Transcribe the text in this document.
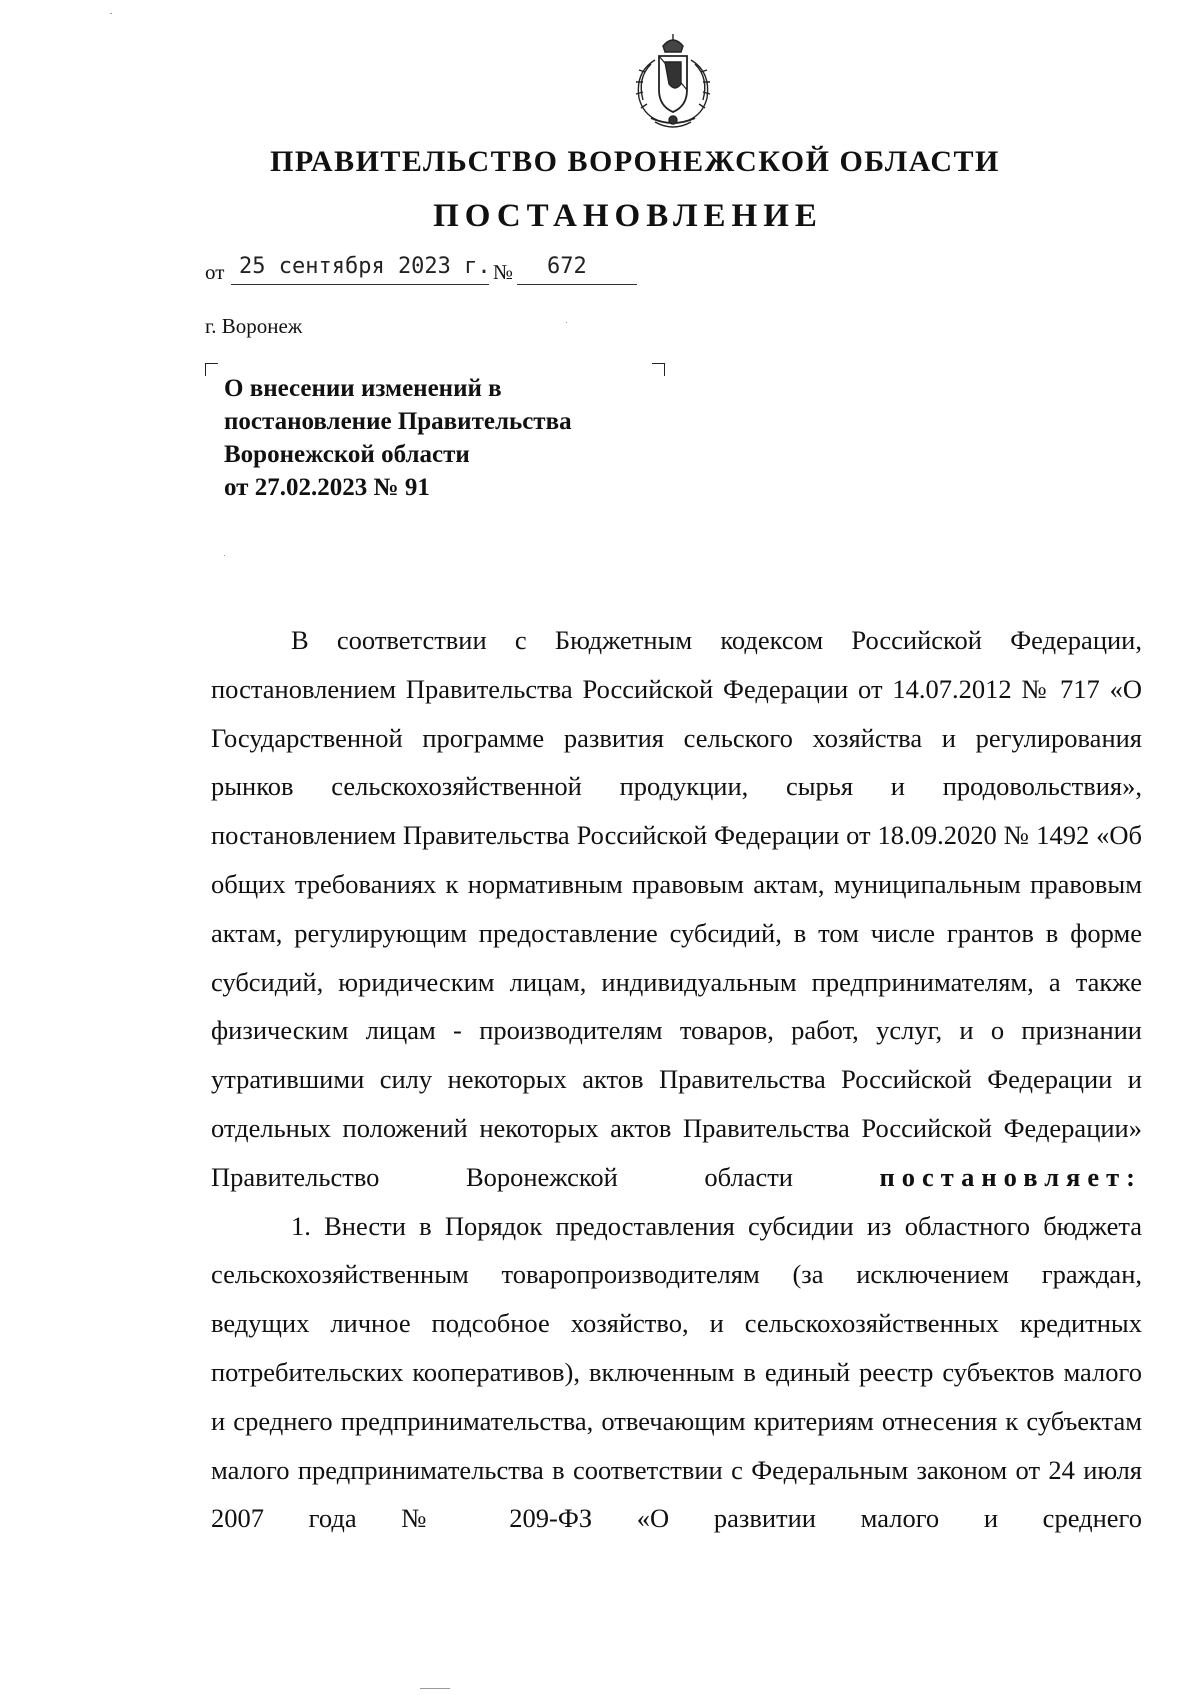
ПРАВИТЕЛЬСТВО ВОРОНЕЖСКОЙ ОБЛАСТИ
ПОСТАНОВЛЕНИЕ
от 25 сентября 2023 г. № 672
г. Воронеж
О внесении изменений в
постановление Правительства
Воронежской области
от 27.02.2023 № 91

В соответствии с Бюджетным кодексом Российской Федерации, постановлением Правительства Российской Федерации от 14.07.2012 № 717 «О Государственной программе развития сельского хозяйства и регулирования рынков сельскохозяйственной продукции, сырья и продовольствия», постановлением Правительства Российской Федерации от 18.09.2020 № 1492 «Об общих требованиях к нормативным правовым актам, муниципальным правовым актам, регулирующим предоставление субсидий, в том числе грантов в форме субсидий, юридическим лицам, индивидуальным предпринимателям, а также физическим лицам - производителям товаров, работ, услуг, и о признании утратившими силу некоторых актов Правительства Российской Федерации и отдельных положений некоторых актов Правительства Российской Федерации» Правительство Воронежской области	постановляет:

1. Внести в Порядок предоставления субсидии из областного бюджета сельскохозяйственным товаропроизводителям (за исключением граждан, ведущих личное подсобное хозяйство, и сельскохозяйственных кредитных потребительских кооперативов), включенным в единый реестр субъектов малого и среднего предпринимательства, отвечающим критериям отнесения к субъектам малого предпринимательства в соответствии с Федеральным законом от 24 июля 2007 года № 209-ФЗ «О развитии малого и среднего
